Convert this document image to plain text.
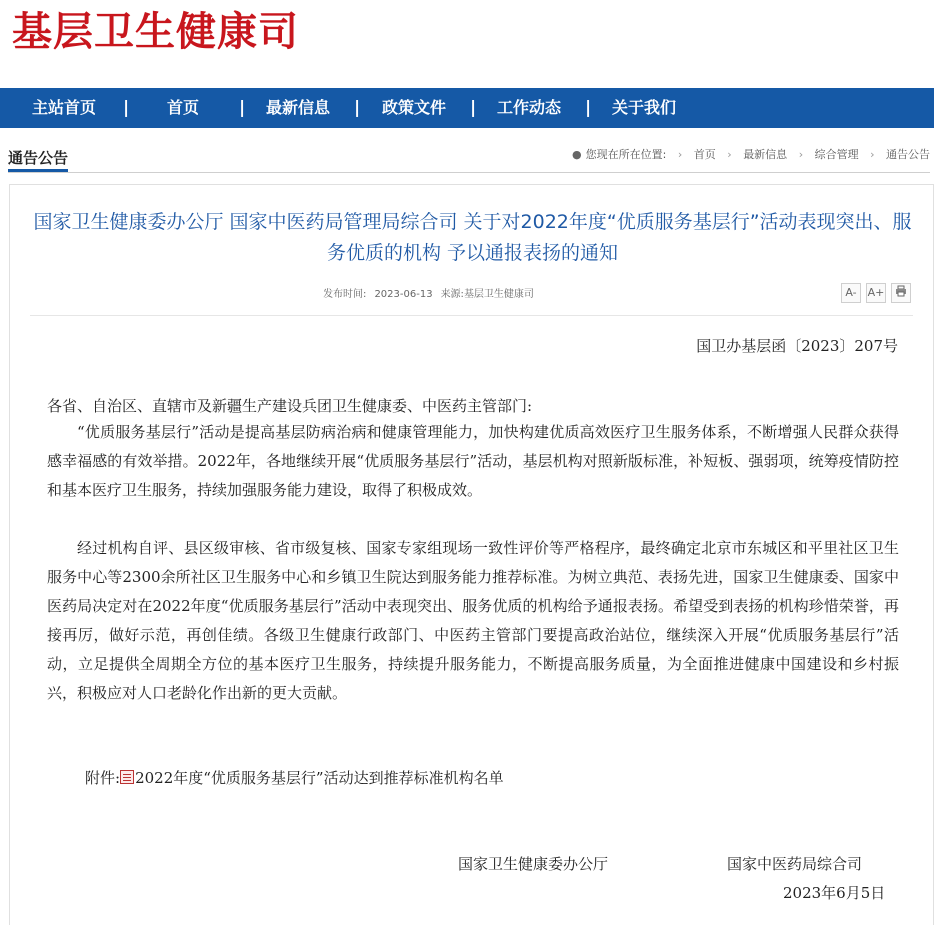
基层卫生健康司
主站首页 | 首页 | 最新信息 | 政策文件 | 工作动态 | 关于我们
通告公告	● 您现在所在位置: › 首页 › 最新信息 › 综合管理 › 通告公告
国家卫生健康委办公厅 国家中医药局管理局综合司 关于对2022年度“优质服务基层行”活动表现突出、服务优质的机构 予以通报表扬的通知
发布时间: 2023-06-13 来源:基层卫生健康司	A- A+
国卫办基层函〔2023〕207号
各省、自治区、直辖市及新疆生产建设兵团卫生健康委、中医药主管部门:

“优质服务基层行”活动是提高基层防病治病和健康管理能力，加快构建优质高效医疗卫生服务体系，不断增强人民群众获得感幸福感的有效举措。2022年，各地继续开展“优质服务基层行”活动，基层机构对照新版标准，补短板、强弱项，统筹疫情防控和基本医疗卫生服务，持续加强服务能力建设，取得了积极成效。

经过机构自评、县区级审核、省市级复核、国家专家组现场一致性评价等严格程序，最终确定北京市东城区和平里社区卫生服务中心等2300余所社区卫生服务中心和乡镇卫生院达到服务能力推荐标准。为树立典范、表扬先进，国家卫生健康委、国家中医药局决定对在2022年度“优质服务基层行”活动中表现突出、服务优质的机构给予通报表扬。希望受到表扬的机构珍惜荣誉，再接再厉，做好示范，再创佳绩。各级卫生健康行政部门、中医药主管部门要提高政治站位，继续深入开展“优质服务基层行”活动，立足提供全周期全方位的基本医疗卫生服务，持续提升服务能力，不断提高服务质量，为全面推进健康中国建设和乡村振兴，积极应对人口老龄化作出新的更大贡献。

附件: 2022年度“优质服务基层行”活动达到推荐标准机构名单
国家卫生健康委办公厅	国家中医药局综合司
2023年6月5日
